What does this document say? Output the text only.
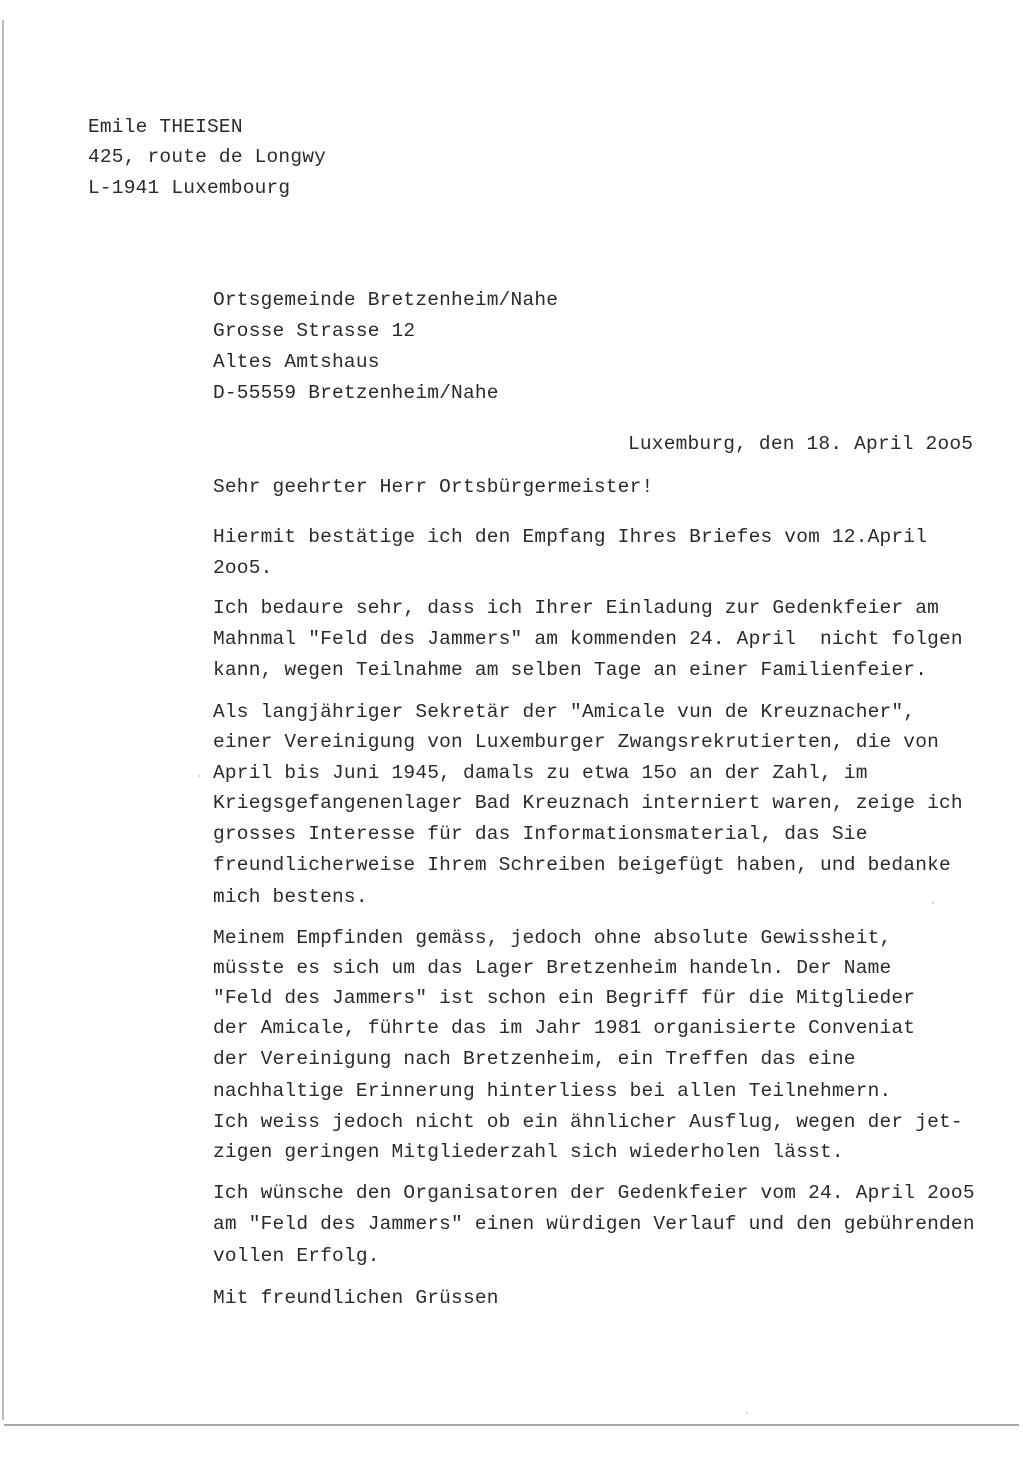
Emile THEISEN
425, route de Longwy
L-1941 Luxembourg
Ortsgemeinde Bretzenheim/Nahe
Grosse Strasse 12
Altes Amtshaus
D-55559 Bretzenheim/Nahe
Luxemburg, den 18. April 2oo5
Sehr geehrter Herr Ortsbürgermeister!
Hiermit bestätige ich den Empfang Ihres Briefes vom 12.April
2oo5.
Ich bedaure sehr, dass ich Ihrer Einladung zur Gedenkfeier am
Mahnmal "Feld des Jammers" am kommenden 24. April  nicht folgen
kann, wegen Teilnahme am selben Tage an einer Familienfeier.
Als langjähriger Sekretär der "Amicale vun de Kreuznacher",
einer Vereinigung von Luxemburger Zwangsrekrutierten, die von
April bis Juni 1945, damals zu etwa 15o an der Zahl, im
Kriegsgefangenenlager Bad Kreuznach interniert waren, zeige ich
grosses Interesse für das Informationsmaterial, das Sie
freundlicherweise Ihrem Schreiben beigefügt haben, und bedanke
mich bestens.
Meinem Empfinden gemäss, jedoch ohne absolute Gewissheit,
müsste es sich um das Lager Bretzenheim handeln. Der Name
"Feld des Jammers" ist schon ein Begriff für die Mitglieder
der Amicale, führte das im Jahr 1981 organisierte Conveniat
der Vereinigung nach Bretzenheim, ein Treffen das eine
nachhaltige Erinnerung hinterliess bei allen Teilnehmern.
Ich weiss jedoch nicht ob ein ähnlicher Ausflug, wegen der jet-
zigen geringen Mitgliederzahl sich wiederholen lässt.
Ich wünsche den Organisatoren der Gedenkfeier vom 24. April 2oo5
am "Feld des Jammers" einen würdigen Verlauf und den gebührenden
vollen Erfolg.
Mit freundlichen Grüssen
